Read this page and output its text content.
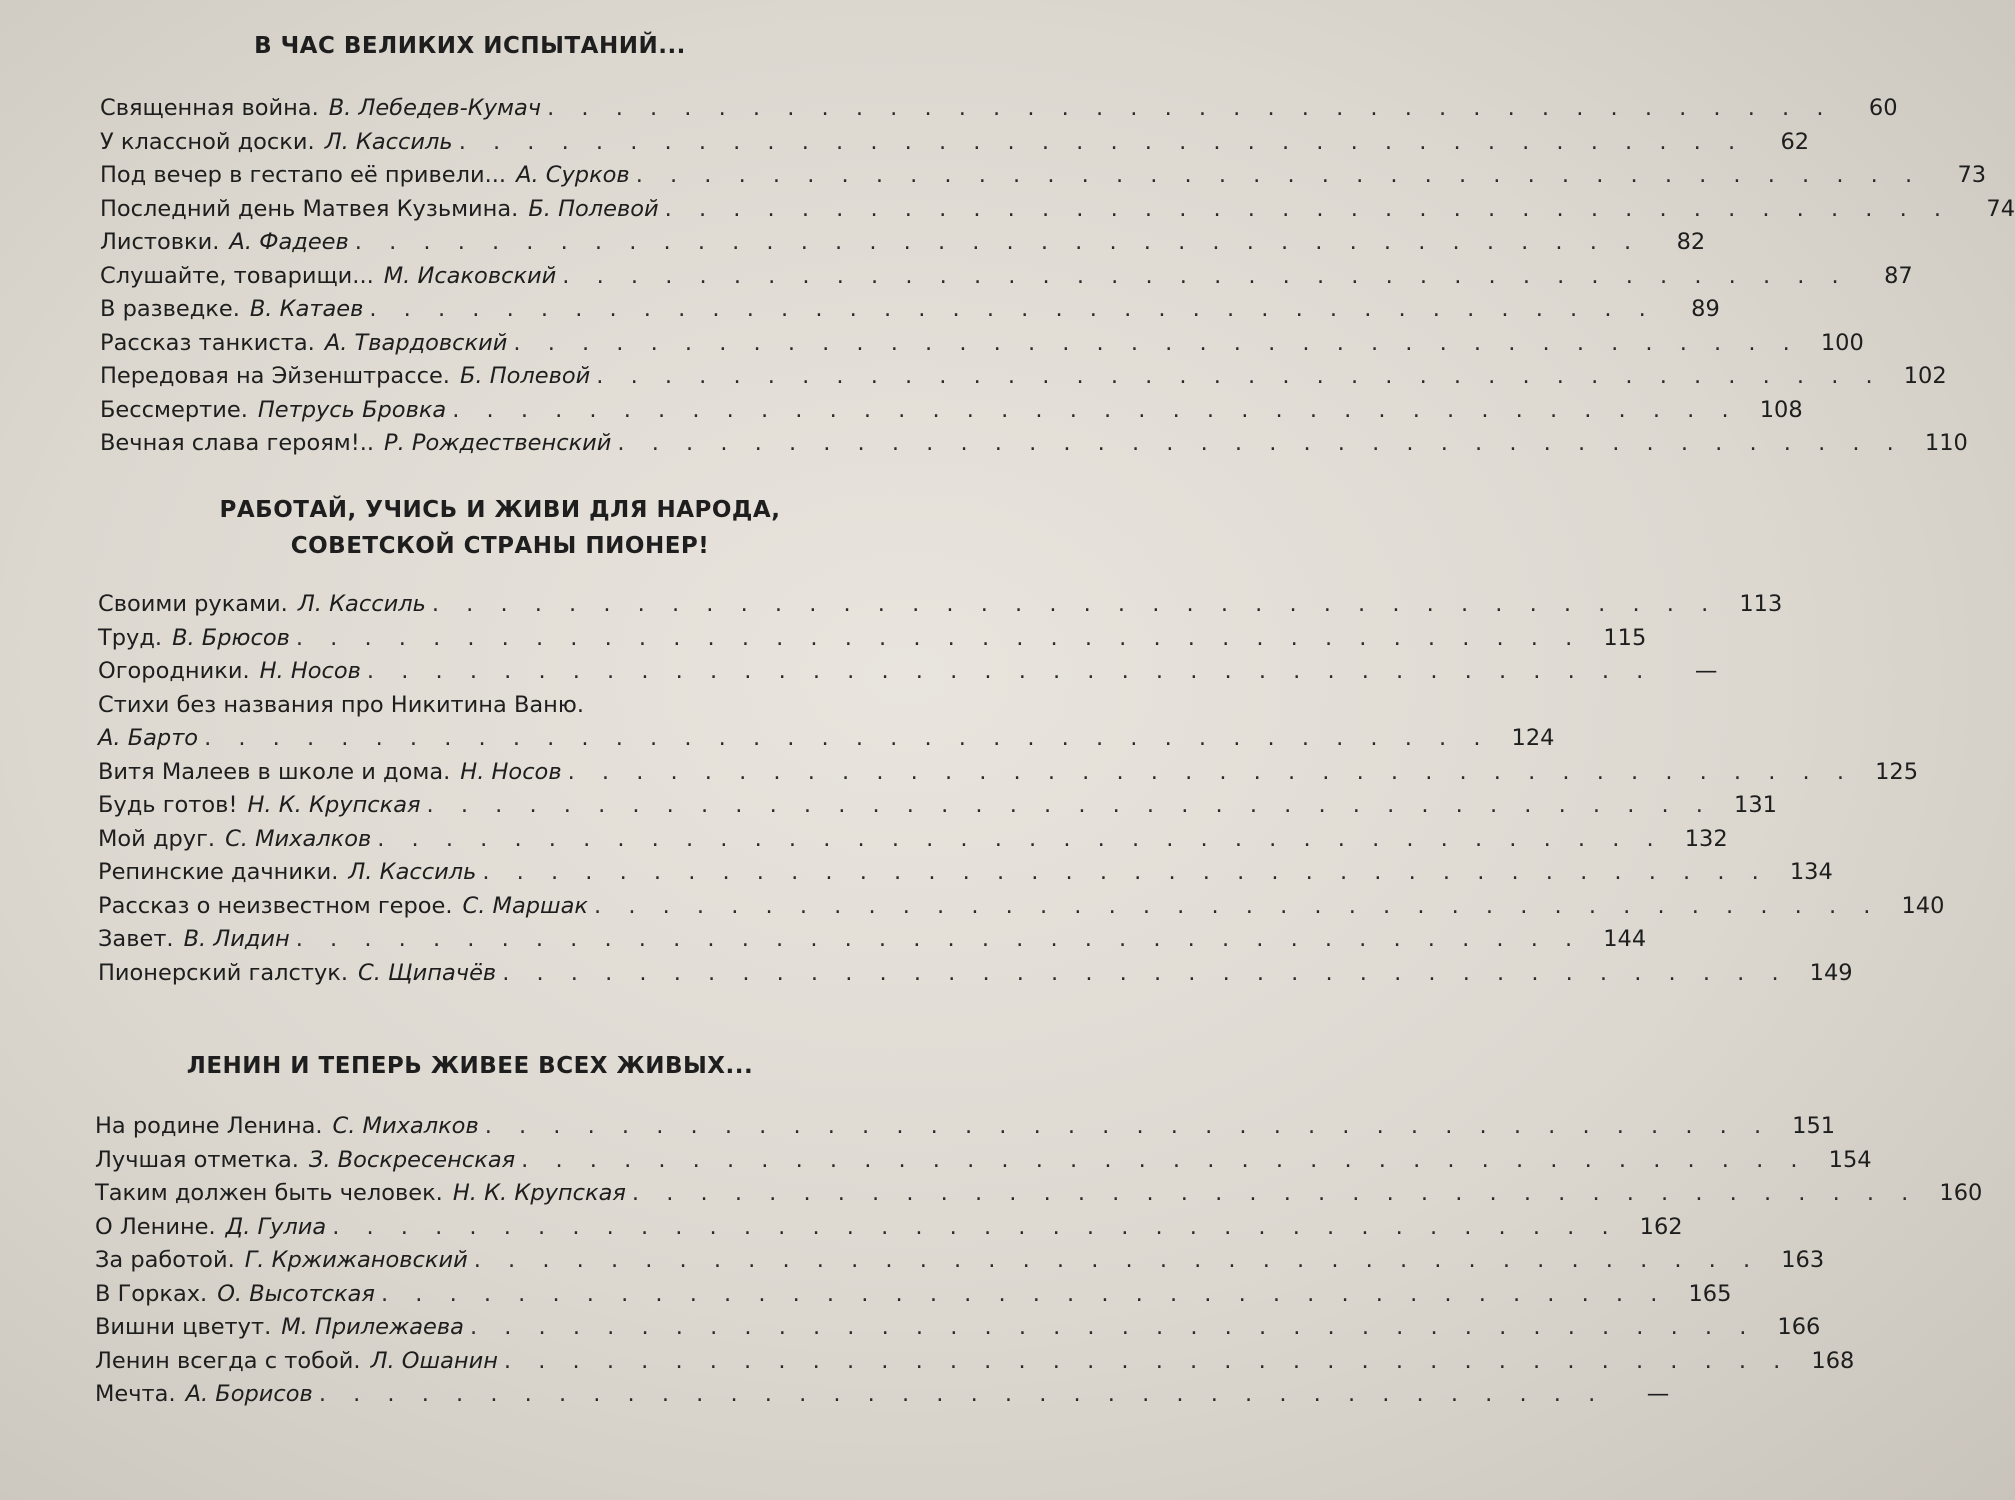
В ЧАС ВЕЛИКИХ ИСПЫТАНИЙ...
Священная война. В. Лебедев-Кумач . . . . . . . . . . . . . . . . . . . . . . . . . . . . . . . . . . . . . .	60
У классной доски. Л. Кассиль . . . . . . . . . . . . . . . . . . . . . . . . . . . . . . . . . . . . . .	62
Под вечер в гестапо её привели... А. Сурков . . . . . . . . . . . . . . . . . . . . . . . . . . . . . . . . . . . . . .	73
Последний день Матвея Кузьмина. Б. Полевой . . . . . . . . . . . . . . . . . . . . . . . . . . . . . . . . . . . . . .	74
Листовки. А. Фадеев . . . . . . . . . . . . . . . . . . . . . . . . . . . . . . . . . . . . . .	82
Слушайте, товарищи... М. Исаковский . . . . . . . . . . . . . . . . . . . . . . . . . . . . . . . . . . . . . .	87
В разведке. В. Катаев . . . . . . . . . . . . . . . . . . . . . . . . . . . . . . . . . . . . . .	89
Рассказ танкиста. А. Твардовский . . . . . . . . . . . . . . . . . . . . . . . . . . . . . . . . . . . . . . 100
Передовая на Эйзенштрассе. Б. Полевой . . . . . . . . . . . . . . . . . . . . . . . . . . . . . . . . . . . . . . 102
Бессмертие. Петрусь Бровка . . . . . . . . . . . . . . . . . . . . . . . . . . . . . . . . . . . . . . 108
Вечная слава героям!.. Р. Рождественский . . . . . . . . . . . . . . . . . . . . . . . . . . . . . . . . . . . . . . 110
РАБОТАЙ, УЧИСЬ И ЖИВИ ДЛЯ НАРОДА,
СОВЕТСКОЙ СТРАНЫ ПИОНЕР!
Своими руками. Л. Кассиль . . . . . . . . . . . . . . . . . . . . . . . . . . . . . . . . . . . . . . 113
Труд. В. Брюсов . . . . . . . . . . . . . . . . . . . . . . . . . . . . . . . . . . . . . . 115
Огородники. Н. Носов . . . . . . . . . . . . . . . . . . . . . . . . . . . . . . . . . . . . . .	—
Стихи без названия про Никитина Ваню.
А. Барто . . . . . . . . . . . . . . . . . . . . . . . . . . . . . . . . . . . . . . 124
Витя Малеев в школе и дома. Н. Носов . . . . . . . . . . . . . . . . . . . . . . . . . . . . . . . . . . . . . . 125
Будь готов! Н. К. Крупская . . . . . . . . . . . . . . . . . . . . . . . . . . . . . . . . . . . . . . 131
Мой друг. С. Михалков . . . . . . . . . . . . . . . . . . . . . . . . . . . . . . . . . . . . . . 132
Репинские дачники. Л. Кассиль . . . . . . . . . . . . . . . . . . . . . . . . . . . . . . . . . . . . . . 134
Рассказ о неизвестном герое. С. Маршак . . . . . . . . . . . . . . . . . . . . . . . . . . . . . . . . . . . . . . 140
Завет. В. Лидин . . . . . . . . . . . . . . . . . . . . . . . . . . . . . . . . . . . . . . 144
Пионерский галстук. С. Щипачёв . . . . . . . . . . . . . . . . . . . . . . . . . . . . . . . . . . . . . . 149
ЛЕНИН И ТЕПЕРЬ ЖИВЕЕ ВСЕХ ЖИВЫХ...
На родине Ленина. С. Михалков . . . . . . . . . . . . . . . . . . . . . . . . . . . . . . . . . . . . . . 151
Лучшая отметка. З. Воскресенская . . . . . . . . . . . . . . . . . . . . . . . . . . . . . . . . . . . . . . 154
Таким должен быть человек. Н. К. Крупская . . . . . . . . . . . . . . . . . . . . . . . . . . . . . . . . . . . . . . 160
О Ленине. Д. Гулиа . . . . . . . . . . . . . . . . . . . . . . . . . . . . . . . . . . . . . . 162
За работой. Г. Кржижановский . . . . . . . . . . . . . . . . . . . . . . . . . . . . . . . . . . . . . . 163
В Горках. О. Высотская . . . . . . . . . . . . . . . . . . . . . . . . . . . . . . . . . . . . . . 165
Вишни цветут. М. Прилежаева . . . . . . . . . . . . . . . . . . . . . . . . . . . . . . . . . . . . . . 166
Ленин всегда с тобой. Л. Ошанин . . . . . . . . . . . . . . . . . . . . . . . . . . . . . . . . . . . . . . 168
Мечта. А. Борисов . . . . . . . . . . . . . . . . . . . . . . . . . . . . . . . . . . . . . .	—
